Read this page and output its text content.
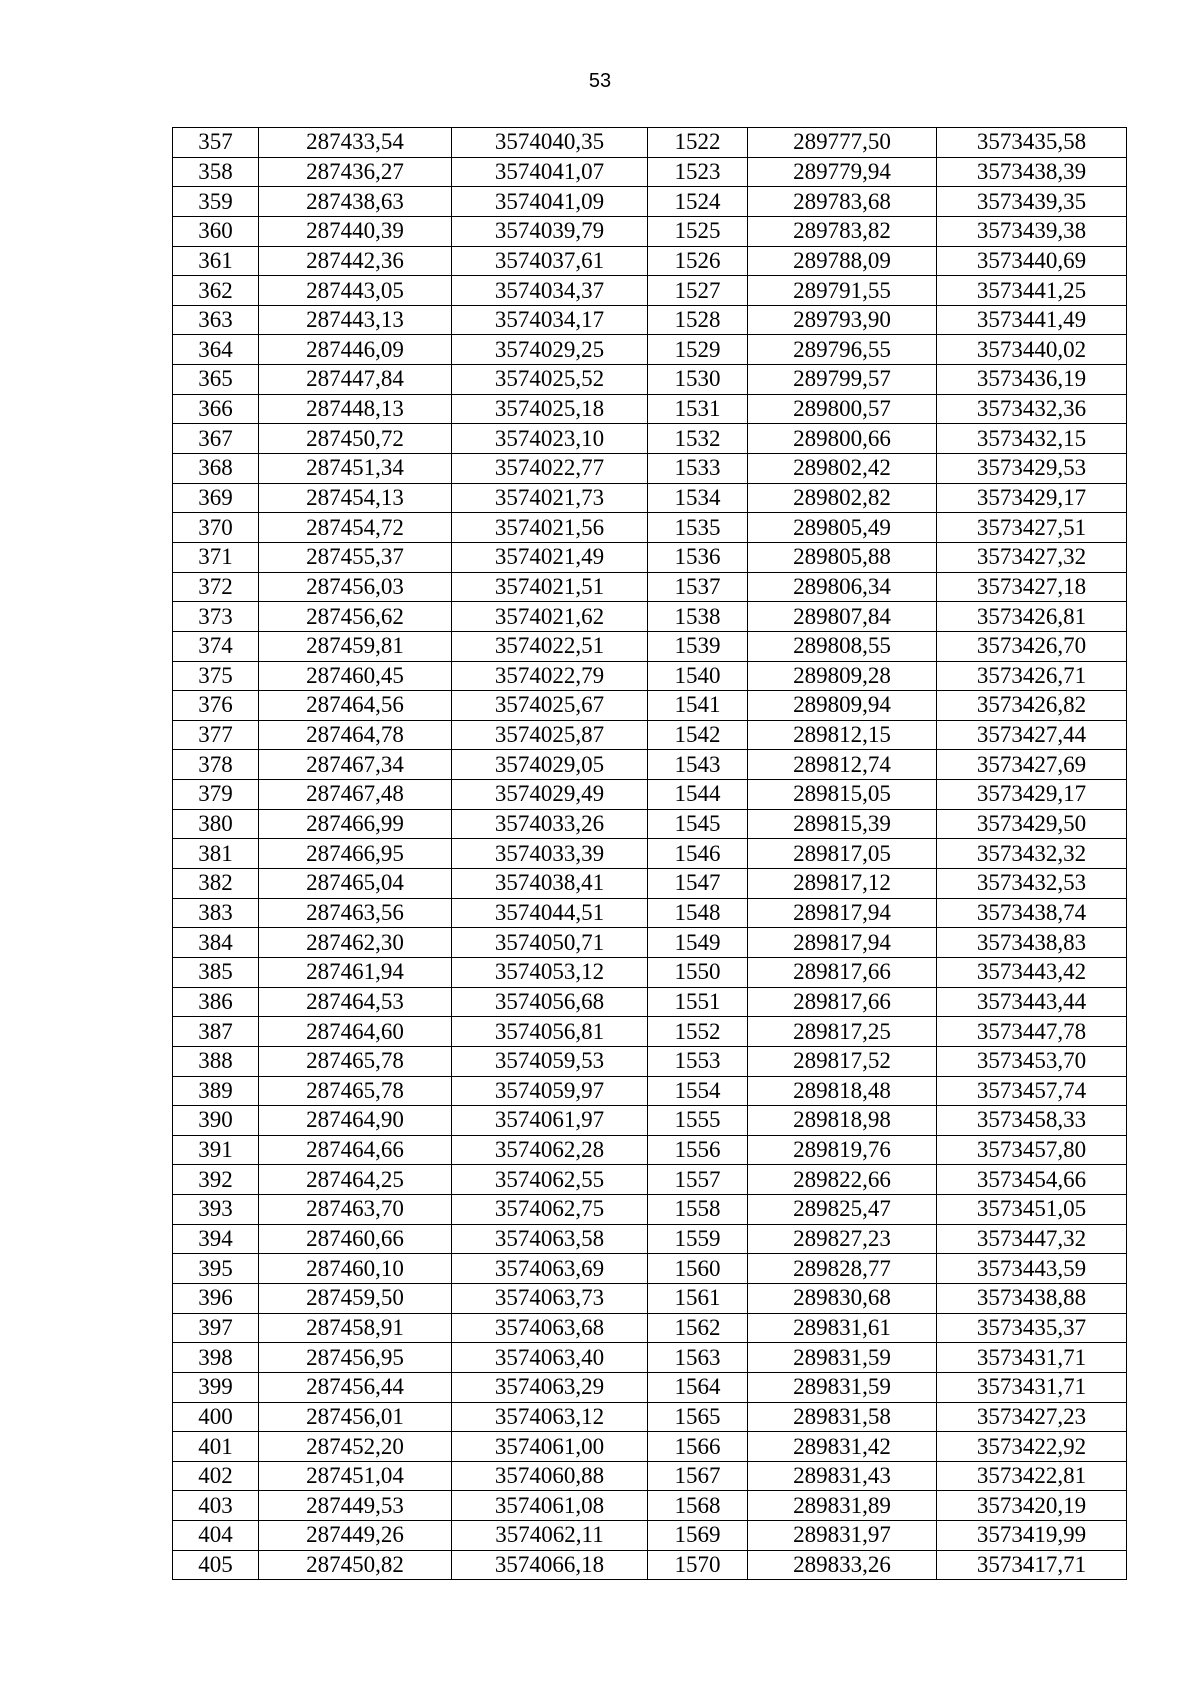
53
357	287433,54	3574040,35	1522	289777,50	3573435,58
358	287436,27	3574041,07	1523	289779,94	3573438,39
359	287438,63	3574041,09	1524	289783,68	3573439,35
360	287440,39	3574039,79	1525	289783,82	3573439,38
361	287442,36	3574037,61	1526	289788,09	3573440,69
362	287443,05	3574034,37	1527	289791,55	3573441,25
363	287443,13	3574034,17	1528	289793,90	3573441,49
364	287446,09	3574029,25	1529	289796,55	3573440,02
365	287447,84	3574025,52	1530	289799,57	3573436,19
366	287448,13	3574025,18	1531	289800,57	3573432,36
367	287450,72	3574023,10	1532	289800,66	3573432,15
368	287451,34	3574022,77	1533	289802,42	3573429,53
369	287454,13	3574021,73	1534	289802,82	3573429,17
370	287454,72	3574021,56	1535	289805,49	3573427,51
371	287455,37	3574021,49	1536	289805,88	3573427,32
372	287456,03	3574021,51	1537	289806,34	3573427,18
373	287456,62	3574021,62	1538	289807,84	3573426,81
374	287459,81	3574022,51	1539	289808,55	3573426,70
375	287460,45	3574022,79	1540	289809,28	3573426,71
376	287464,56	3574025,67	1541	289809,94	3573426,82
377	287464,78	3574025,87	1542	289812,15	3573427,44
378	287467,34	3574029,05	1543	289812,74	3573427,69
379	287467,48	3574029,49	1544	289815,05	3573429,17
380	287466,99	3574033,26	1545	289815,39	3573429,50
381	287466,95	3574033,39	1546	289817,05	3573432,32
382	287465,04	3574038,41	1547	289817,12	3573432,53
383	287463,56	3574044,51	1548	289817,94	3573438,74
384	287462,30	3574050,71	1549	289817,94	3573438,83
385	287461,94	3574053,12	1550	289817,66	3573443,42
386	287464,53	3574056,68	1551	289817,66	3573443,44
387	287464,60	3574056,81	1552	289817,25	3573447,78
388	287465,78	3574059,53	1553	289817,52	3573453,70
389	287465,78	3574059,97	1554	289818,48	3573457,74
390	287464,90	3574061,97	1555	289818,98	3573458,33
391	287464,66	3574062,28	1556	289819,76	3573457,80
392	287464,25	3574062,55	1557	289822,66	3573454,66
393	287463,70	3574062,75	1558	289825,47	3573451,05
394	287460,66	3574063,58	1559	289827,23	3573447,32
395	287460,10	3574063,69	1560	289828,77	3573443,59
396	287459,50	3574063,73	1561	289830,68	3573438,88
397	287458,91	3574063,68	1562	289831,61	3573435,37
398	287456,95	3574063,40	1563	289831,59	3573431,71
399	287456,44	3574063,29	1564	289831,59	3573431,71
400	287456,01	3574063,12	1565	289831,58	3573427,23
401	287452,20	3574061,00	1566	289831,42	3573422,92
402	287451,04	3574060,88	1567	289831,43	3573422,81
403	287449,53	3574061,08	1568	289831,89	3573420,19
404	287449,26	3574062,11	1569	289831,97	3573419,99
405	287450,82	3574066,18	1570	289833,26	3573417,71
